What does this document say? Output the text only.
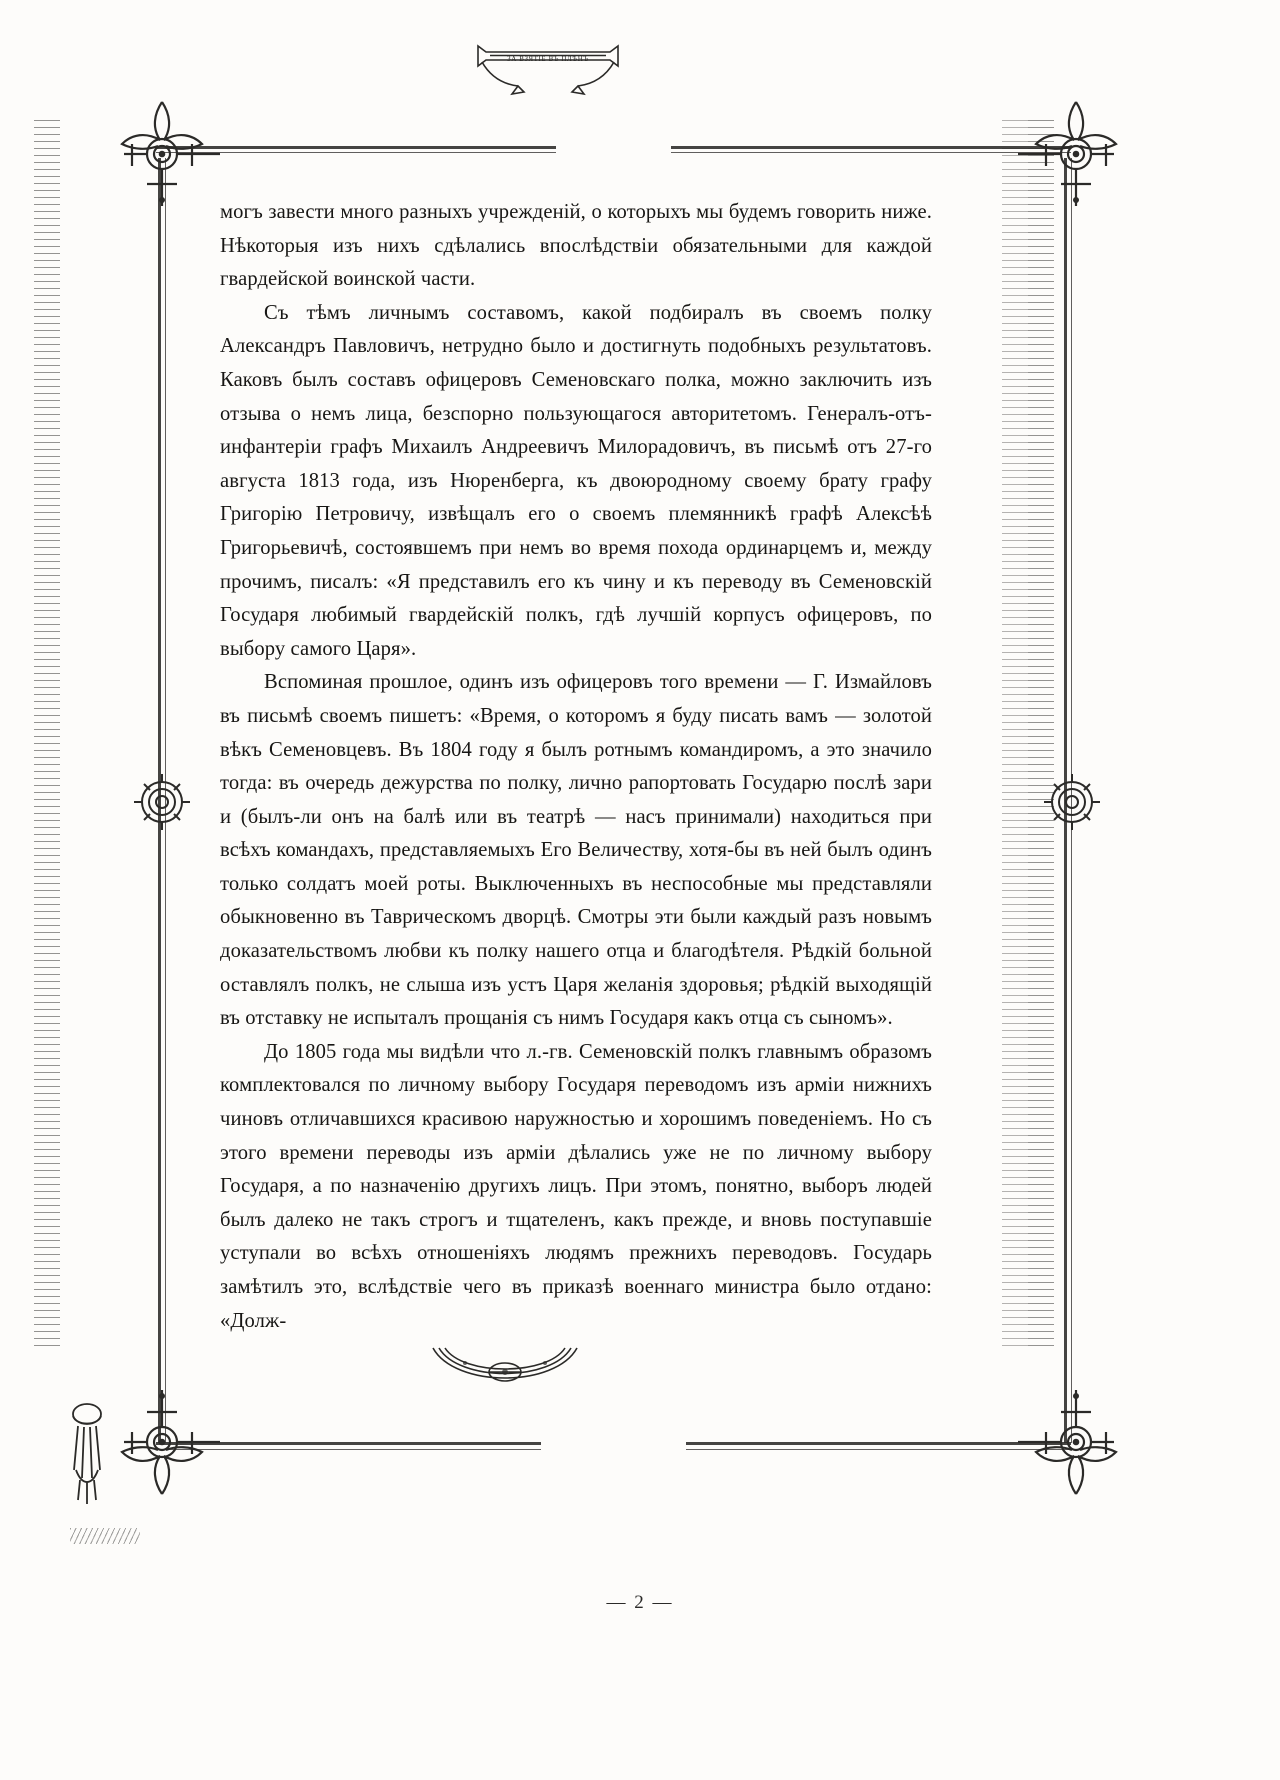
ЗА ВЗЯТIЕ ВЪ ПЛѢНЪ

могъ завести много разныхъ учрежденій, о которыхъ мы будемъ говорить ниже. Нѣкоторыя изъ нихъ сдѣлались впослѣдствіи обязательными для каждой гвардейской воинской части.

Съ тѣмъ личнымъ составомъ, какой подбиралъ въ своемъ полку Александръ Павловичъ, нетрудно было и достигнуть подобныхъ результатовъ. Каковъ былъ составъ офицеровъ Семеновскаго полка, можно заключить изъ отзыва о немъ лица, безспорно пользующагося авторитетомъ. Генералъ-отъ-инфантеріи графъ Михаилъ Андреевичъ Милорадовичъ, въ письмѣ отъ 27-го августа 1813 года, изъ Нюренберга, къ двоюродному своему брату графу Григорію Петровичу, извѣщалъ его о своемъ племянникѣ графѣ Алексѣѣ Григорьевичѣ, состоявшемъ при немъ во время похода ординарцемъ и, между прочимъ, писалъ: «Я представилъ его къ чину и къ переводу въ Семеновскій Государя любимый гвардейскій полкъ, гдѣ лучшій корпусъ офицеровъ, по выбору самого Царя».

Вспоминая прошлое, одинъ изъ офицеровъ того времени — Г. Измайловъ въ письмѣ своемъ пишетъ: «Время, о которомъ я буду писать вамъ — золотой вѣкъ Семеновцевъ. Въ 1804 году я былъ ротнымъ командиромъ, а это значило тогда: въ очередь дежурства по полку, лично рапортовать Государю послѣ зари и (былъ-ли онъ на балѣ или въ театрѣ — насъ принимали) находиться при всѣхъ командахъ, представляемыхъ Его Величеству, хотя-бы въ ней былъ одинъ только солдатъ моей роты. Выключенныхъ въ неспособные мы представляли обыкновенно въ Таврическомъ дворцѣ. Смотры эти были каждый разъ новымъ доказательствомъ любви къ полку нашего отца и благодѣтеля. Рѣдкій больной оставлялъ полкъ, не слыша изъ устъ Царя желанія здоровья; рѣдкій выходящій въ отставку не испыталъ прощанія съ нимъ Государя какъ отца съ сыномъ».

До 1805 года мы видѣли что л.-гв. Семеновскій полкъ главнымъ образомъ комплектовался по личному выбору Государя переводомъ изъ арміи нижнихъ чиновъ отличавшихся красивою наружностью и хорошимъ поведеніемъ. Но съ этого времени переводы изъ арміи дѣлались уже не по личному выбору Государя, а по назначенію другихъ лицъ. При этомъ, понятно, выборъ людей былъ далеко не такъ строгъ и тщателенъ, какъ прежде, и вновь поступавшіе уступали во всѣхъ отношеніяхъ людямъ прежнихъ переводовъ. Государь замѣтилъ это, вслѣдствіе чего въ приказѣ военнаго министра было отдано: «Долж-

— 2 —
